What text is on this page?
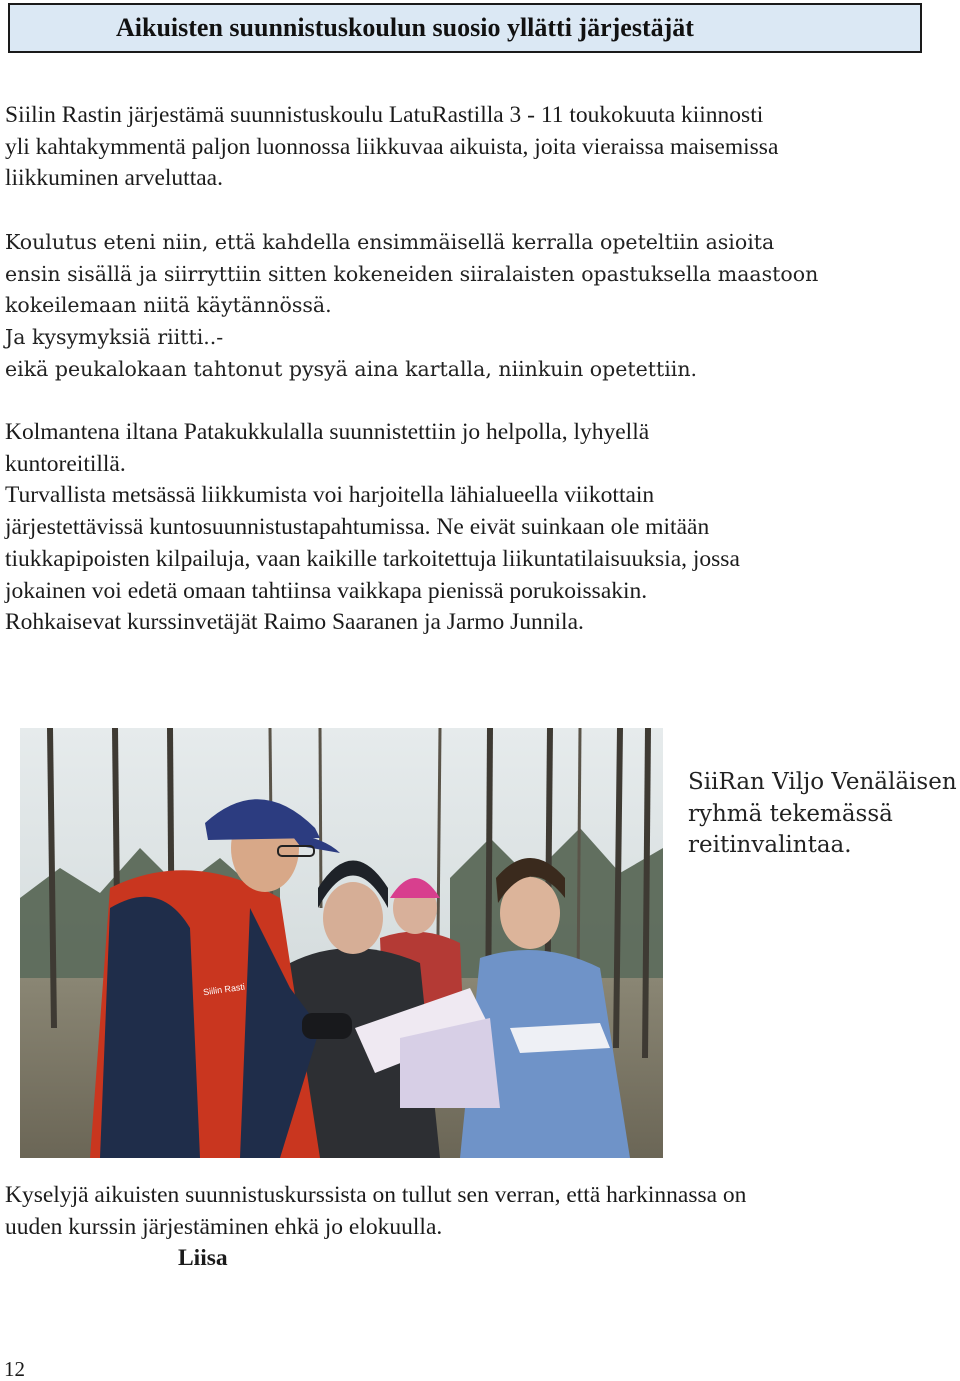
Aikuisten suunnistuskoulun suosio yllätti järjestäjät
Siilin Rastin järjestämä suunnistuskoulu LatuRastilla 3 - 11 toukokuuta kiinnosti
yli kahtakymmentä paljon luonnossa liikkuvaa aikuista, joita vieraissa maisemissa
liikkuminen arveluttaa.
Koulutus eteni niin, että kahdella ensimmäisellä kerralla opeteltiin asioita
ensin sisällä ja siirryttiin sitten kokeneiden siiralaisten opastuksella maastoon
kokeilemaan niitä käytännössä.
Ja kysymyksiä riitti..-
eikä peukalokaan tahtonut pysyä aina kartalla, niinkuin opetettiin.
Kolmantena iltana Patakukkulalla suunnistettiin jo helpolla, lyhyellä
kuntoreitillä.
Turvallista metsässä liikkumista voi harjoitella lähialueella viikottain
järjestettävissä kuntosuunnistustapahtumissa. Ne eivät suinkaan ole mitään
tiukkapipoisten kilpailuja, vaan kaikille tarkoitettuja liikuntatilaisuuksia, jossa
jokainen voi edetä omaan tahtiinsa vaikkapa pienissä porukoissakin.
Rohkaisevat kurssinvetäjät Raimo Saaranen ja Jarmo Junnila.
Siilin Rasti
SiiRan Viljo Venäläisen
ryhmä tekemässä
reitinvalintaa.
Kyselyjä aikuisten suunnistuskurssista on tullut sen verran, että harkinnassa on
uuden kurssin järjestäminen ehkä jo elokuulla.
Liisa
12
